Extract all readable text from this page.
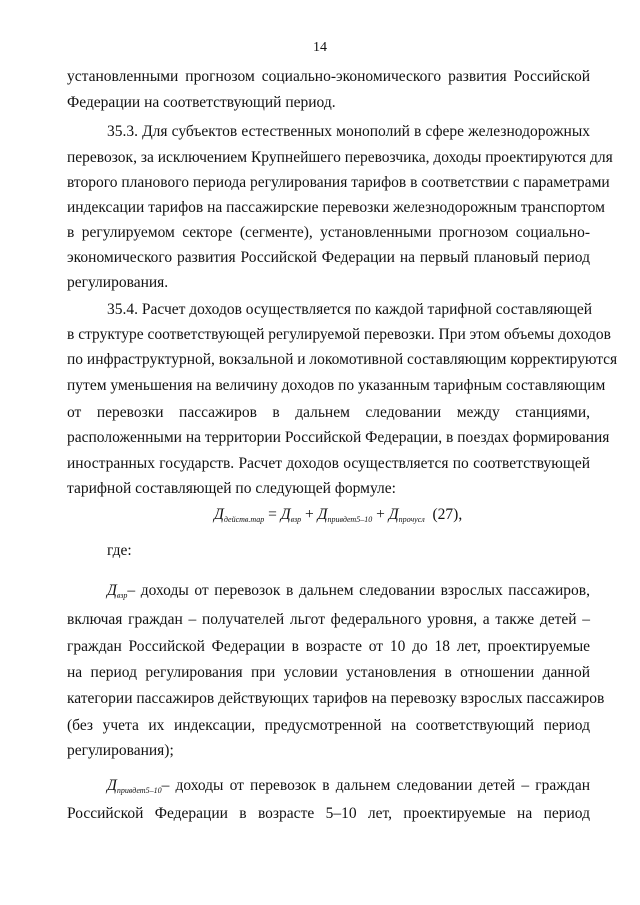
14
установленными прогнозом социально-экономического развития Российской
Федерации на соответствующий период.
35.3. Для субъектов естественных монополий в сфере железнодорожных
перевозок, за исключением Крупнейшего перевозчика, доходы проектируются для
второго планового периода регулирования тарифов в соответствии с параметрами
индексации тарифов на пассажирские перевозки железнодорожным транспортом
в регулируемом секторе (сегменте), установленными прогнозом социально-
экономического развития Российской Федерации на первый плановый период
регулирования.
35.4. Расчет доходов осуществляется по каждой тарифной составляющей
в структуре соответствующей регулируемой перевозки. При этом объемы доходов
по инфраструктурной, вокзальной и локомотивной составляющим корректируются
путем уменьшения на величину доходов по указанным тарифным составляющим
от перевозки пассажиров в дальнем следовании между станциями,
расположенными на территории Российской Федерации, в поездах формирования
иностранных государств. Расчет доходов осуществляется по соответствующей
тарифной составляющей по следующей формуле:
$Д_{действ.тар} = Д_{взр} + Д_{привдет5-10} + Д_{прочусл}$ (27),
где:
$Д_{взр}-$ доходы от перевозок в дальнем следовании взрослых пассажиров,
включая граждан – получателей льгот федерального уровня, а также детей –
граждан Российской Федерации в возрасте от 10 до 18 лет, проектируемые
на период регулирования при условии установления в отношении данной
категории пассажиров действующих тарифов на перевозку взрослых пассажиров
(без учета их индексации, предусмотренной на соответствующий период
регулирования);
$Д_{привдет5-10}-$ доходы от перевозок в дальнем следовании детей – граждан
Российской Федерации в возрасте 5–10 лет, проектируемые на период
